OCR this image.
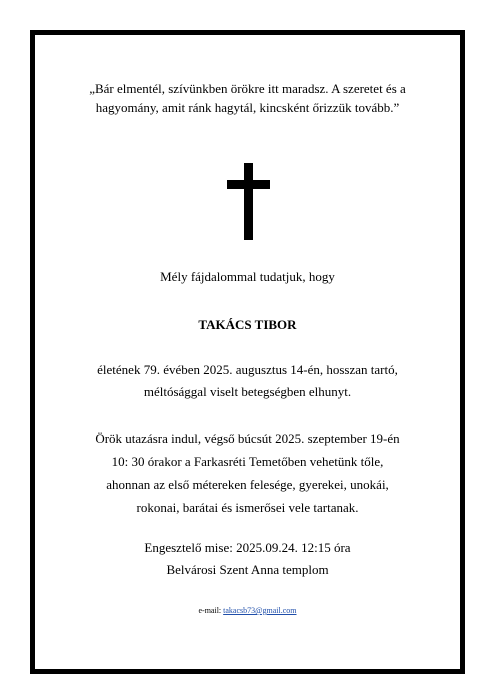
„Bár elmentél, szívünkben örökre itt maradsz. A szeretet és a
hagyomány, amit ránk hagytál, kincsként őrizzük tovább.”
Mély fájdalommal tudatjuk, hogy
TAKÁCS TIBOR
életének 79. évében 2025. augusztus 14-én, hosszan tartó,
méltósággal viselt betegségben elhunyt.
Örök utazásra indul, végső búcsút 2025. szeptember 19-én
10: 30 órakor a Farkasréti Temetőben vehetünk tőle,
ahonnan az első métereken felesége, gyerekei, unokái,
rokonai, barátai és ismerősei vele tartanak.
Engesztelő mise: 2025.09.24. 12:15 óra
Belvárosi Szent Anna templom
e-mail: takacsb73@gmail.com
